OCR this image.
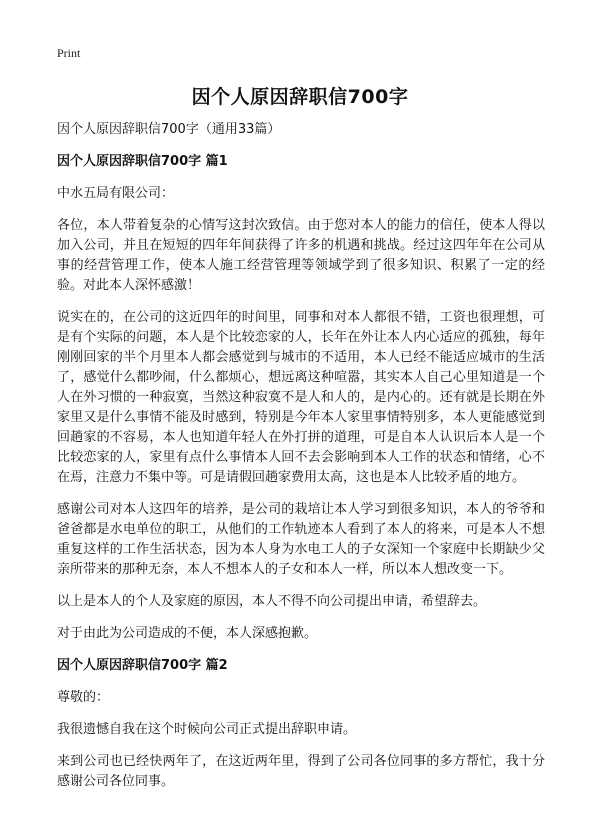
Print
因个人原因辞职信700字
因个人原因辞职信700字（通用33篇）
因个人原因辞职信700字 篇1
中水五局有限公司：
各位，本人带着复杂的心情写这封次致信。由于您对本人的能力的信任，使本人得以加入公司，并且在短短的四年年间获得了许多的机遇和挑战。经过这四年年在公司从事的经营管理工作，使本人施工经营管理等领域学到了很多知识、积累了一定的经验。对此本人深怀感激！
说实在的，在公司的这近四年的时间里，同事和对本人都很不错，工资也很理想，可是有个实际的问题，本人是个比较恋家的人，长年在外让本人内心适应的孤独，每年刚刚回家的半个月里本人都会感觉到与城市的不适用，本人已经不能适应城市的生活了，感觉什么都吵闹，什么都烦心，想远离这种喧嚣，其实本人自己心里知道是一个人在外习惯的一种寂寞，当然这种寂寞不是人和人的，是内心的。还有就是长期在外家里又是什么事情不能及时感到，特别是今年本人家里事情特别多，本人更能感觉到回趟家的不容易，本人也知道年轻人在外打拼的道理，可是自本人认识后本人是一个比较恋家的人，家里有点什么事情本人回不去会影响到本人工作的状态和情绪，心不在焉，注意力不集中等。可是请假回趟家费用太高，这也是本人比较矛盾的地方。
感谢公司对本人这四年的培养，是公司的栽培让本人学习到很多知识，本人的爷爷和爸爸都是水电单位的职工，从他们的工作轨迹本人看到了本人的将来，可是本人不想重复这样的工作生活状态，因为本人身为水电工人的子女深知一个家庭中长期缺少父亲所带来的那种无奈，本人不想本人的子女和本人一样，所以本人想改变一下。
以上是本人的个人及家庭的原因，本人不得不向公司提出申请，希望辞去。
对于由此为公司造成的不便，本人深感抱歉。
因个人原因辞职信700字 篇2
尊敬的：
我很遗憾自我在这个时候向公司正式提出辞职申请。
来到公司也已经快两年了，在这近两年里，得到了公司各位同事的多方帮忙，我十分感谢公司各位同事。
